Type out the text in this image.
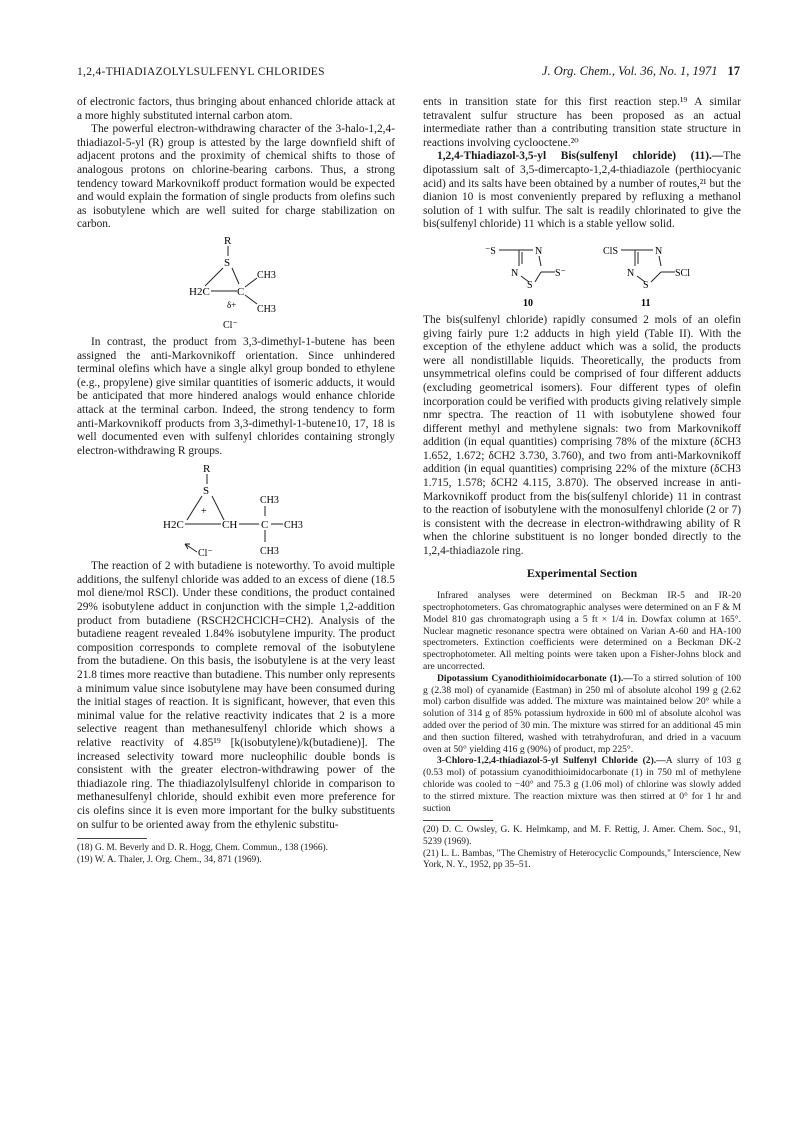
1,2,4-THIADIAZOLYLSULFENYL CHLORIDES	J. Org. Chem., Vol. 36, No. 1, 1971 17

of electronic factors, thus bringing about enhanced chloride attack at a more highly substituted internal carbon atom.

The powerful electron-withdrawing character of the 3-halo-1,2,4-thiadiazol-5-yl (R) group is attested by the large downfield shift of adjacent protons and the proximity of chemical shifts to those of analogous protons on chlorine-bearing carbons. Thus, a strong tendency toward Markovnikoff product formation would be expected and would explain the formation of single products from olefins such as isobutylene which are well suited for charge stabilization on carbon.

R
S
H2C C
CH3
CH3
δ+
Cl⁻

In contrast, the product from 3,3-dimethyl-1-butene has been assigned the anti-Markovnikoff orientation. Since unhindered terminal olefins which have a single alkyl group bonded to ethylene (e.g., propylene) give similar quantities of isomeric adducts, it would be anticipated that more hindered analogs would enhance chloride attack at the terminal carbon. Indeed, the strong tendency to form anti-Markovnikoff products from 3,3-dimethyl-1-butene10, 17, 18 is well documented even with sulfenyl chlorides containing strongly electron-withdrawing R groups.

R
S
+
H2C	CH C
CH3
CH3
CH3
Cl⁻

The reaction of 2 with butadiene is noteworthy. To avoid multiple additions, the sulfenyl chloride was added to an excess of diene (18.5 mol diene/mol RSCl). Under these conditions, the product contained 29% isobutylene adduct in conjunction with the simple 1,2-addition product from butadiene (RSCH2CHClCH=CH2). Analysis of the butadiene reagent revealed 1.84% isobutylene impurity. The product composition corresponds to complete removal of the isobutylene from the butadiene. On this basis, the isobutylene is at the very least 21.8 times more reactive than butadiene. This number only represents a minimum value since isobutylene may have been consumed during the initial stages of reaction. It is significant, however, that even this minimal value for the relative reactivity indicates that 2 is a more selective reagent than methanesulfenyl chloride which shows a relative reactivity of 4.85¹⁹ [k(isobutylene)/k(butadiene)]. The increased selectivity toward more nucleophilic double bonds is consistent with the greater electron-withdrawing power of the thiadiazole ring. The thiadiazolylsulfenyl chloride in comparison to methanesulfenyl chloride, should exhibit even more preference for cis olefins since it is even more important for the bulky substituents on sulfur to be oriented away from the ethylenic substitu-

(18) G. M. Beverly and D. R. Hogg, Chem. Commun., 138 (1966).

(19) W. A. Thaler, J. Org. Chem., 34, 871 (1969).

ents in transition state for this first reaction step.¹⁹ A similar tetravalent sulfur structure has been proposed as an actual intermediate rather than a contributing transition state structure in reactions involving cyclooctene.²⁰

1,2,4-Thiadiazol-3,5-yl Bis(sulfenyl chloride) (11).—The dipotassium salt of 3,5-dimercapto-1,2,4-thiadiazole (perthiocyanic acid) and its salts have been obtained by a number of routes,²¹ but the dianion 10 is most conveniently prepared by refluxing a methanol solution of 1 with sulfur. The salt is readily chlorinated to give the bis(sulfenyl chloride) 11 which is a stable yellow solid.

⁻S	N
N
S
S⁻
10
ClS	N
N
S
SCl
11

The bis(sulfenyl chloride) rapidly consumed 2 mols of an olefin giving fairly pure 1:2 adducts in high yield (Table II). With the exception of the ethylene adduct which was a solid, the products were all nondistillable liquids. Theoretically, the products from unsymmetrical olefins could be comprised of four different adducts (excluding geometrical isomers). Four different types of olefin incorporation could be verified with products giving relatively simple nmr spectra. The reaction of 11 with isobutylene showed four different methyl and methylene signals: two from Markovnikoff addition (in equal quantities) comprising 78% of the mixture (δCH3 1.652, 1.672; δCH2 3.730, 3.760), and two from anti-Markovnikoff addition (in equal quantities) comprising 22% of the mixture (δCH3 1.715, 1.578; δCH2 4.115, 3.870). The observed increase in anti-Markovnikoff product from the bis(sulfenyl chloride) 11 in contrast to the reaction of isobutylene with the monosulfenyl chloride (2 or 7) is consistent with the decrease in electron-withdrawing ability of R when the chlorine substituent is no longer bonded directly to the 1,2,4-thiadiazole ring.

Experimental Section

Infrared analyses were determined on Beckman IR-5 and IR-20 spectrophotometers. Gas chromatographic analyses were determined on an F & M Model 810 gas chromatograph using a 5 ft × 1/4 in. Dowfax column at 165°. Nuclear magnetic resonance spectra were obtained on Varian A-60 and HA-100 spectrometers. Extinction coefficients were determined on a Beckman DK-2 spectrophotometer. All melting points were taken upon a Fisher-Johns block and are uncorrected.

Dipotassium Cyanodithioimidocarbonate (1).—To a stirred solution of 100 g (2.38 mol) of cyanamide (Eastman) in 250 ml of absolute alcohol 199 g (2.62 mol) carbon disulfide was added. The mixture was maintained below 20° while a solution of 314 g of 85% potassium hydroxide in 600 ml of absolute alcohol was added over the period of 30 min. The mixture was stirred for an additional 45 min and then suction filtered, washed with tetrahydrofuran, and dried in a vacuum oven at 50° yielding 416 g (90%) of product, mp 225°.

3-Chloro-1,2,4-thiadiazol-5-yl Sulfenyl Chloride (2).—A slurry of 103 g (0.53 mol) of potassium cyanodithioimidocarbonate (1) in 750 ml of methylene chloride was cooled to −40° and 75.3 g (1.06 mol) of chlorine was slowly added to the stirred mixture. The reaction mixture was then stirred at 0° for 1 hr and suction

(20) D. C. Owsley, G. K. Helmkamp, and M. F. Rettig, J. Amer. Chem. Soc., 91, 5239 (1969).

(21) L. L. Bambas, "The Chemistry of Heterocyclic Compounds," Interscience, New York, N. Y., 1952, pp 35–51.
